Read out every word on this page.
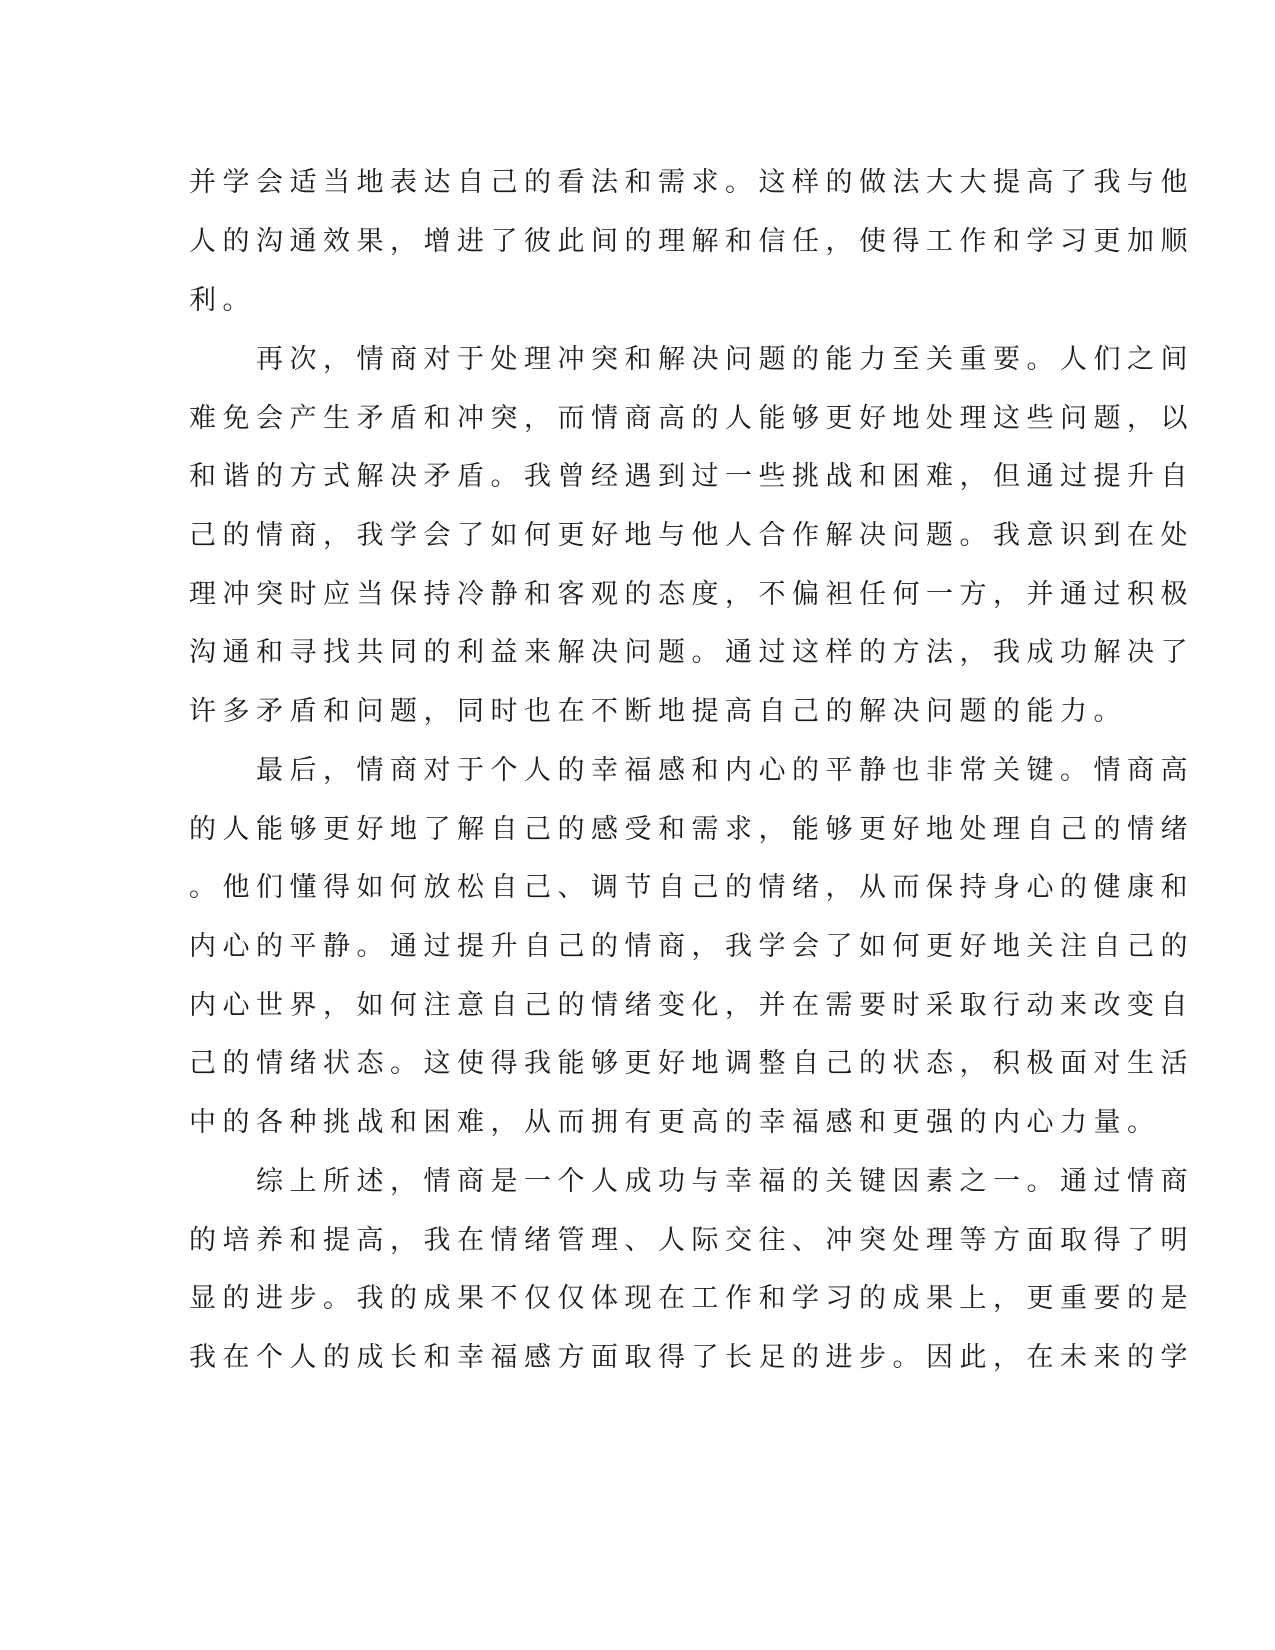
并学会适当地表达自己的看法和需求。这样的做法大大提高了我与他
人的沟通效果，增进了彼此间的理解和信任，使得工作和学习更加顺
利。
　　再次，情商对于处理冲突和解决问题的能力至关重要。人们之间
难免会产生矛盾和冲突，而情商高的人能够更好地处理这些问题，以
和谐的方式解决矛盾。我曾经遇到过一些挑战和困难，但通过提升自
己的情商，我学会了如何更好地与他人合作解决问题。我意识到在处
理冲突时应当保持冷静和客观的态度，不偏袒任何一方，并通过积极
沟通和寻找共同的利益来解决问题。通过这样的方法，我成功解决了
许多矛盾和问题，同时也在不断地提高自己的解决问题的能力。
　　最后，情商对于个人的幸福感和内心的平静也非常关键。情商高
的人能够更好地了解自己的感受和需求，能够更好地处理自己的情绪
。他们懂得如何放松自己、调节自己的情绪，从而保持身心的健康和
内心的平静。通过提升自己的情商，我学会了如何更好地关注自己的
内心世界，如何注意自己的情绪变化，并在需要时采取行动来改变自
己的情绪状态。这使得我能够更好地调整自己的状态，积极面对生活
中的各种挑战和困难，从而拥有更高的幸福感和更强的内心力量。
　　综上所述，情商是一个人成功与幸福的关键因素之一。通过情商
的培养和提高，我在情绪管理、人际交往、冲突处理等方面取得了明
显的进步。我的成果不仅仅体现在工作和学习的成果上，更重要的是
我在个人的成长和幸福感方面取得了长足的进步。因此，在未来的学
